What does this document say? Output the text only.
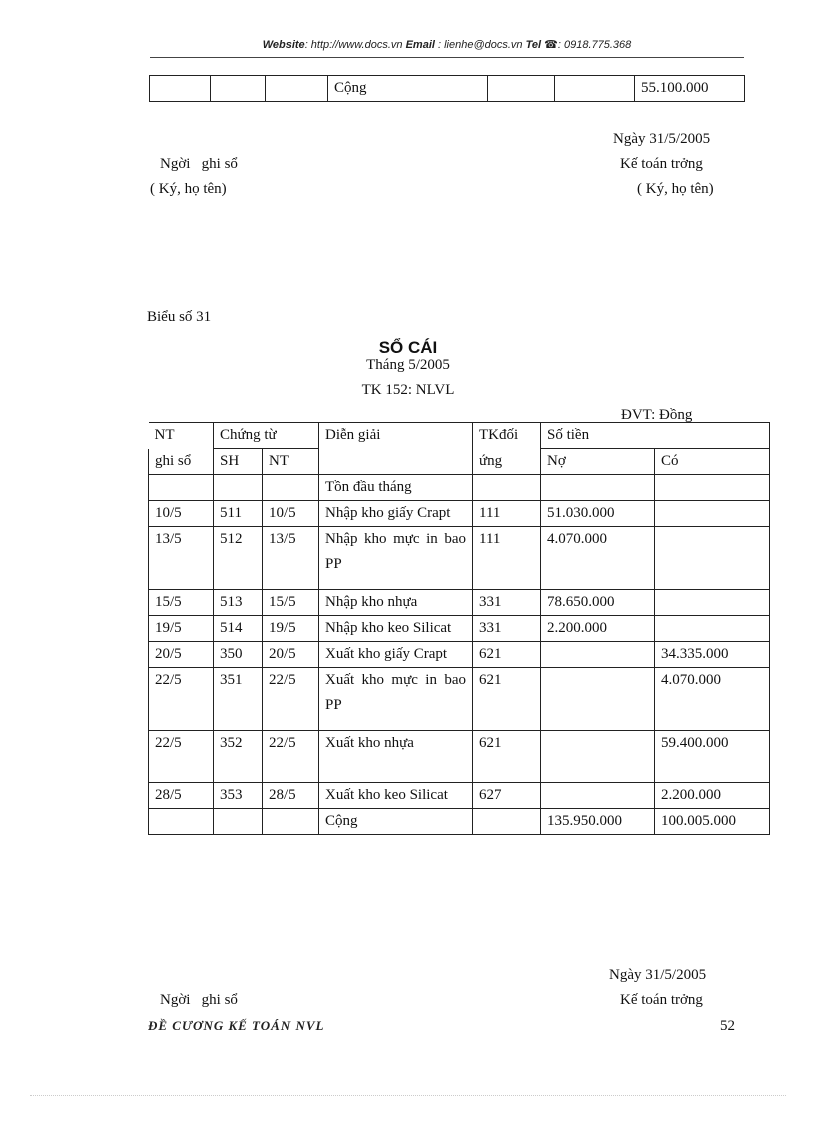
Website: http://www.docs.vn Email : lienhe@docs.vn Tel ☎: 0918.775.368
			Cộng			55.100.000
Ngày 31/5/2005
Ngời   ghi sổ	Kế toán trởng
( Ký, họ tên)	( Ký, họ tên)
Biểu số 31
SỔ CÁI
Tháng 5/2005
TK 152: NLVL
ĐVT: Đồng
NT	Chứng từ		Diễn giải	TKđối	Số tiền	
ghi sổ	SH	NT		ứng	Nợ	Có
			Tồn đầu tháng			
10/5	511	10/5	Nhập kho giấy Crapt	111	51.030.000	
13/5	512	13/5	Nhập kho mực in bao PP	111	4.070.000	
15/5	513	15/5	Nhập kho nhựa	331	78.650.000	
19/5	514	19/5	Nhập kho keo Silicat	331	2.200.000	
20/5	350	20/5	Xuất kho giấy Crapt	621		34.335.000
22/5	351	22/5	Xuất kho mực in bao PP	621		4.070.000
22/5	352	22/5	Xuất kho nhựa	621		59.400.000
28/5	353	28/5	Xuất kho keo Silicat	627		2.200.000
			Cộng		135.950.000	100.005.000
Ngày 31/5/2005
Ngời   ghi sổ	Kế toán trởng
ĐỀ CƯƠNG KẾ TOÁN NVL	52
